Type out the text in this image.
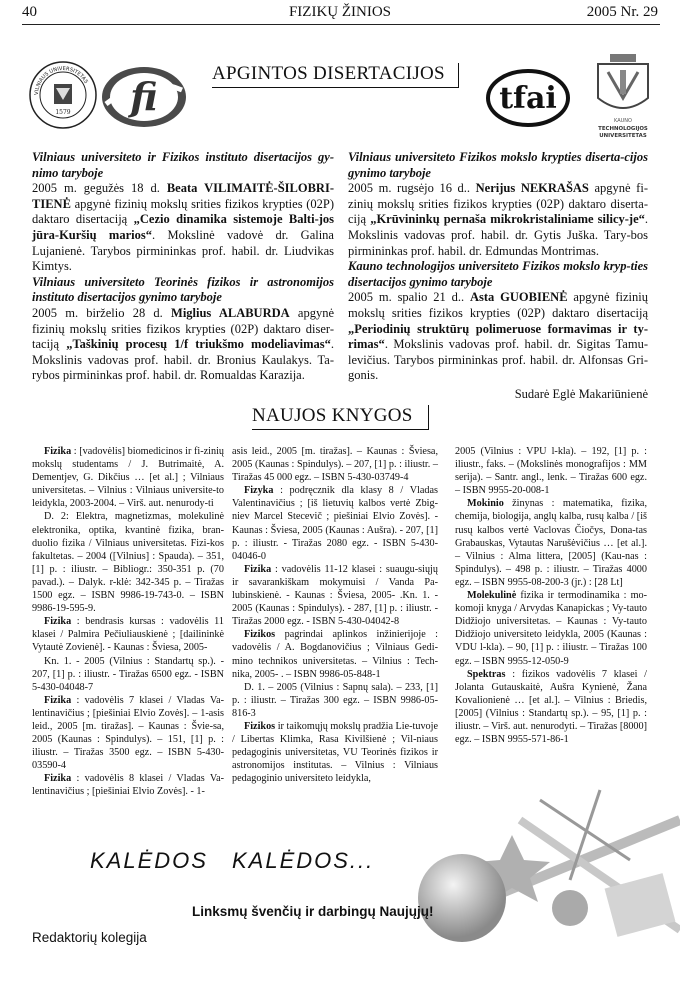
40	FIZIKŲ ŽINIOS	2005 Nr. 29
APGINTOS DISERTACIJOS
VILNIAUS UNIVERSITETAS
1579 fi	tfai
KAUNO
TECHNOLOGIJOS
UNIVERSITETAS

Vilniaus universiteto ir Fizikos instituto disertacijos gy-nimo taryboje

2005 m. gegužės 18 d. Beata VILIMAITĖ-ŠILOBRI-TIENĖ apgynė fizinių mokslų srities fizikos krypties (02P) daktaro disertaciją „Cezio dinamika sistemoje Balti-jos jūra-Kuršių marios“. Mokslinė vadovė dr. Galina Lujanienė. Tarybos pirmininkas prof. habil. dr. Liudvikas Kimtys.

Vilniaus universiteto Teorinės fizikos ir astronomijos instituto disertacijos gynimo taryboje

2005 m. birželio 28 d. Miglius ALABURDA apgynė fizinių mokslų srities fizikos krypties (02P) daktaro diser-taciją „Taškinių procesų 1/f triukšmo modeliavimas“. Mokslinis vadovas prof. habil. dr. Bronius Kaulakys. Ta-rybos pirmininkas prof. habil. dr. Romualdas Karazija.

Vilniaus universiteto Fizikos mokslo krypties diserta-cijos gynimo taryboje

2005 m. rugsėjo 16 d.. Nerijus NEKRAŠAS apgynė fi-zinių mokslų srities fizikos krypties (02P) daktaro diserta-ciją „Krūvininkų pernaša mikrokristaliniame silicy-je“. Mokslinis vadovas prof. habil. dr. Gytis Juška. Tary-bos pirmininkas prof. habil. dr. Edmundas Montrimas.

Kauno technologijos universiteto Fizikos mokslo kryp-ties disertacijos gynimo taryboje

2005 m. spalio 21 d.. Asta GUOBIENĖ apgynė fizinių mokslų srities fizikos krypties (02P) daktaro disertaciją „Periodinių struktūrų polimeruose formavimas ir ty-rimas“. Mokslinis vadovas prof. habil. dr. Sigitas Tamu-levičius. Tarybos pirmininkas prof. habil. dr. Alfonsas Gri-gonis.

Sudarė Eglė Makariūnienė

NAUJOS KNYGOS

Fizika : [vadovėlis] biomedicinos ir fi-zinių mokslų studentams / J. Butrimaitė, A. Dementjev, G. Dikčius … [et al.] ; Vilniaus universitetas. – Vilnius : Vilniaus universite-to leidykla, 2003-2004. – Virš. aut. nenurody-tі

D. 2: Elektra, magnetizmas, molekulinė elektronika, optika, kvantinė fizika, bran-duolio fizika / Vilniaus universitetas. Fizi-kos fakultetas. – 2004 ([Vilnius] : Spauda). – 351, [1] p. : iliustr. – Bibliogr.: 350-351 p. (70 pavad.). – Dalyk. r-klė: 342-345 p. – Tiražas 1500 egz. – ISBN 9986-19-743-0. – ISBN 9986-19-595-9.

Fizika : bendrasis kursas : vadovėlis 11 klasei / Palmira Pečiuliauskienė ; [dailininkė Vytautė Zovienė]. - Kaunas : Šviesa, 2005-

Kn. 1. - 2005 (Vilnius : Standartų sp.). - 207, [1] p. : iliustr. - Tiražas 6500 egz. - ISBN 5-430-04048-7

Fizika : vadovėlis 7 klasei / Vladas Va-lentinavičius ; [piešiniai Elvio Zovės]. – 1-asis leid., 2005 [m. tiražas]. – Kaunas : Švie-sa, 2005 (Kaunas : Spindulys). – 151, [1] p. : iliustr. – Tiražas 3500 egz. – ISBN 5-430-03590-4

Fizika : vadovėlis 8 klasei / Vladas Va-lentinavičius ; [piešiniai Elvio Zovės]. - 1-

asis leid., 2005 [m. tiražas]. – Kaunas : Šviesa, 2005 (Kaunas : Spindulys). – 207, [1] p. : iliustr. – Tiražas 45 000 egz. – ISBN 5-430-03749-4

Fizyka : podręcznik dla klasy 8 / Vladas Valentinavičius ; [iš lietuvių kalbos vertė Zbig-niev Marcel Stecevič ; piešiniai Elvio Zovės]. - Kaunas : Šviesa, 2005 (Kaunas : Aušra). - 207, [1] p. : iliustr. - Tiražas 2080 egz. - ISBN 5-430-04046-0

Fizika : vadovėlis 11-12 klasei : suaugu-siųjų ir savarankiškam mokymuisi / Vanda Pa-lubinskienė. - Kaunas : Šviesa, 2005- .Kn. 1. - 2005 (Kaunas : Spindulys). - 287, [1] p. : iliustr. - Tiražas 2000 egz. - ISBN 5-430-04042-8

Fizikos pagrindai aplinkos inžinierijoje : vadovėlis / A. Bogdanovičius ; Vilniaus Gedi-mino technikos universitetas. – Vilnius : Tech-nika, 2005- . – ISBN 9986-05-848-1

D. 1. – 2005 (Vilnius : Sapnų sala). – 233, [1] p. : iliustr. – Tiražas 300 egz. – ISBN 9986-05-816-3

Fizikos ir taikomųjų mokslų pradžia Lie-tuvoje / Libertas Klimka, Rasa Kivilšienė ; Vil-niaus pedagoginis universitetas, VU Teorinės fizikos ir astronomijos institutas. – Vilnius : Vilniaus pedagoginio universiteto leidykla,

2005 (Vilnius : VPU l-kla). – 192, [1] p. : iliustr., faks. – (Mokslinės monografijos : MM serija). – Santr. angl., lenk. – Tiražas 600 egz. – ISBN 9955-20-008-1

Mokinio žinynas : matematika, fizika, chemija, biologija, anglų kalba, rusų kalba / [iš rusų kalbos vertė Vaclovas Čiočys, Dona-tas Grabauskas, Vytautas Narušėvičius … [et al.]. – Vilnius : Alma littera, [2005] (Kau-nas : Spindulys). – 498 p. : iliustr. – Tiražas 4000 egz. – ISBN 9955-08-200-3 (jr.) : [28 Lt]

Molekulinė fizika ir termodinamika : mo-komoji knyga / Arvydas Kanapickas ; Vy-tauto Didžiojo universitetas. – Kaunas : Vy-tauto Didžiojo universiteto leidykla, 2005 (Kaunas : VDU l-kla). – 90, [1] p. : iliustr. – Tiražas 100 egz. – ISBN 9955-12-050-9

Spektras : fizikos vadovėlis 7 klasei / Jolanta Gutauskaitė, Aušra Kynienė, Žana Kovalionienė … [et al.]. – Vilnius : Briedis, [2005] (Vilnius : Standartų sp.). – 95, [1] p. : iliustr. – Virš. aut. nenurodyti. – Tiražas [8000] egz. – ISBN 9955-571-86-1

KALĖDOS KALĖDOS...
Linksmų švenčių ir darbingų Naujųjų!
Redaktorių kolegija
